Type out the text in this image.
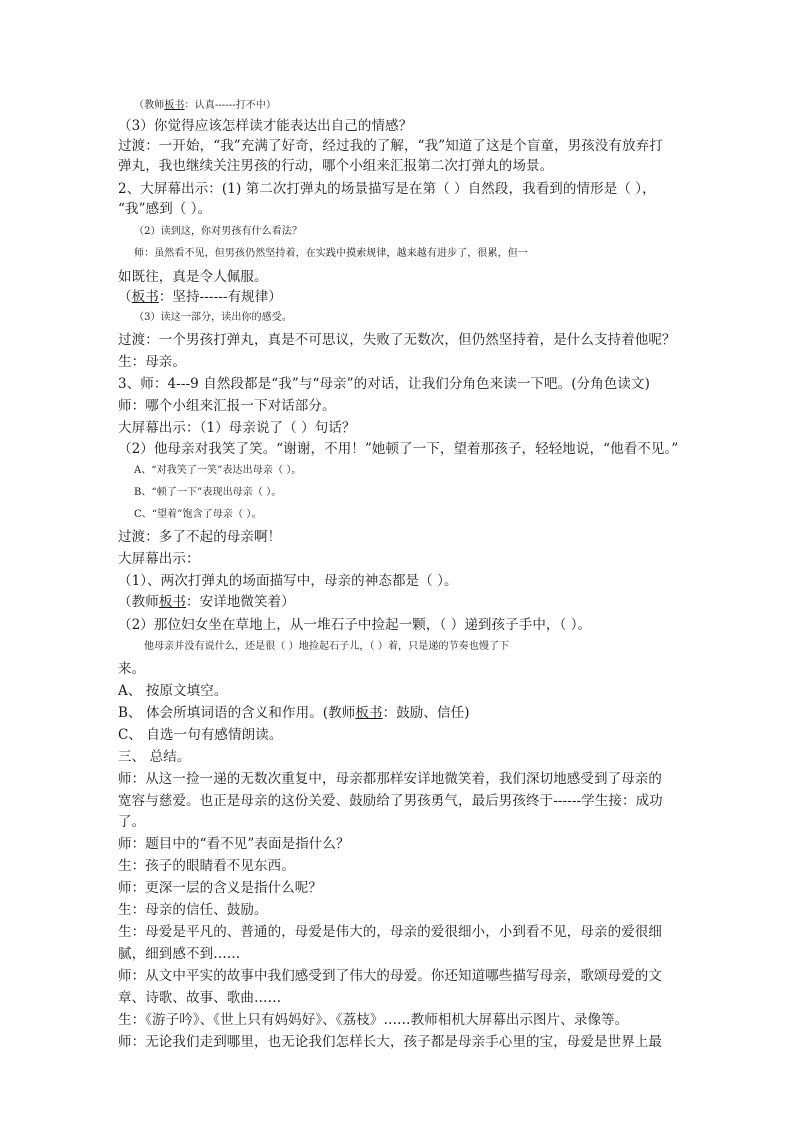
（教师板书：认真------打不中）
（3）你觉得应该怎样读才能表达出自己的情感？
过渡：一开始，“我”充满了好奇，经过我的了解，“我”知道了这是个盲童，男孩没有放弃打
弹丸，我也继续关注男孩的行动，哪个小组来汇报第二次打弹丸的场景。
2、大屏幕出示：(1) 第二次打弹丸的场景描写是在第（ ）自然段，我看到的情形是（ ），
“我”感到（ ）。
（2）读到这，你对男孩有什么看法？
师：虽然看不见，但男孩仍然坚持着，在实践中摸索规律，越来越有进步了，很累，但一
如既往，真是令人佩服。
（板书：坚持------有规律）
（3）读这一部分，读出你的感受。
过渡：一个男孩打弹丸，真是不可思议，失败了无数次，但仍然坚持着，是什么支持着他呢？
生：母亲。
3、师：4---9 自然段都是“我”与“母亲”的对话，让我们分角色来读一下吧。(分角色读文)
师：哪个小组来汇报一下对话部分。
大屏幕出示：（1）母亲说了（ ）句话？
（2）他母亲对我笑了笑。“谢谢，不用！”她顿了一下，望着那孩子，轻轻地说，“他看不见。”
A、“对我笑了一笑”表达出母亲（ ）。
B、“顿了一下”表现出母亲（ ）。
C、“望着”饱含了母亲（ ）。
过渡：多了不起的母亲啊！
大屏幕出示：
（1）、两次打弹丸的场面描写中，母亲的神态都是（ ）。
（教师板书：安详地微笑着）
（2）那位妇女坐在草地上，从一堆石子中捡起一颗，（ ）递到孩子手中，（ ）。
他母亲并没有说什么，还是很（ ）地捡起石子儿，（ ）着，只是递的节奏也慢了下
来。
A、 按原文填空。
B、 体会所填词语的含义和作用。(教师板书：鼓励、信任)
C、 自选一句有感情朗读。
三、 总结。
师：从这一捡一递的无数次重复中，母亲都那样安详地微笑着，我们深切地感受到了母亲的
宽容与慈爱。也正是母亲的这份关爱、鼓励给了男孩勇气，最后男孩终于------学生接：成功
了。
师：题目中的“看不见”表面是指什么？
生：孩子的眼睛看不见东西。
师：更深一层的含义是指什么呢？
生：母亲的信任、鼓励。
生：母爱是平凡的、普通的，母爱是伟大的，母亲的爱很细小，小到看不见，母亲的爱很细
腻，细到感不到……
师：从文中平实的故事中我们感受到了伟大的母爱。你还知道哪些描写母亲，歌颂母爱的文
章、诗歌、故事、歌曲……
生：《游子吟》、《世上只有妈妈好》、《荔枝》……教师相机大屏幕出示图片、录像等。
师：无论我们走到哪里，也无论我们怎样长大，孩子都是母亲手心里的宝，母爱是世界上最
